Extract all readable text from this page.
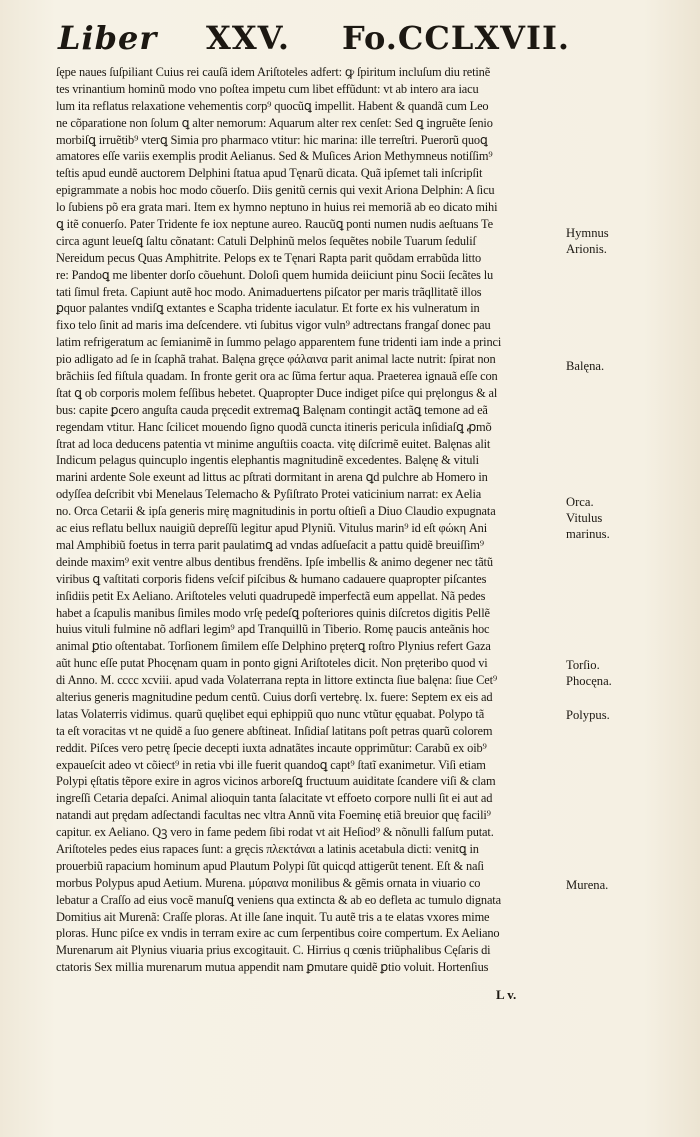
Liber XXV. Fo.CCLXVII.
ſępe naues ſuſpiliant Cuius rei cauſã idem Ariſtoteles adfert: ꝙ ſpiritum incluſum diu retinẽ
tes vrinantium hominũ modo vno poſtea impetu cum libet effũdunt: vt ab intero ara iacu
lum ita reflatus relaxatione vehementis corp⁹ quocũꝗ impellit. Habent & quandã cum Leo
ne cõparatione non ſolum ꝗ alter nemorum: Aquarum alter rex cenſet: Sed ꝗ ingruẽte ſenio
morbiſꝗ irruẽtib⁹ vterꝗ Simia pro pharmaco vtitur: hic marina: ille terreſtri. Puerorũ quoꝗ
amatores eſſe variis exemplis prodit Aelianus. Sed & Muſices Arion Methymneus notiſſim⁹
teſtis apud eundẽ auctorem Delphini ſtatua apud Tęnarũ dicata. Quã ipſemet tali inſcripſit
epigrammate a nobis hoc modo cõuerſo. Diis genitũ cernis qui vexit Ariona Delphin: A ſicu
lo ſubiens põ era grata mari. Item ex hymno neptuno in huius rei memoriã ab eo dicato mihi
ꝗ itẽ conuerſo. Pater Tridente fe iox neptune aureo. Raucũꝗ ponti numen nudis aeſtuans Te
circa agunt leueſꝗ ſaltu cõnatant: Catuli Delphinũ melos ſequẽtes nobile Tuarum ſeduliſ
Nereidum pecus Quas Amphitrite. Pelops ex te Tęnari Rapta parit quõdam errabũda litto
re: Pandoꝗ me libenter dorſo cõuehunt. Doloſi quem humida deiiciunt pinu Socii ſecãtes lu
tati ſimul freta. Capiunt autẽ hoc modo. Animaduertens piſcator per maris trãqllitatẽ illos
ꝑquor palantes vndiſꝗ extantes e Scapha tridente iaculatur. Et forte ex his vulneratum in
fixo telo ſinit ad maris ima deſcendere. vti ſubitus vigor vuln⁹ adtrectans frangaſ donec pau
latim refrigeratum ac ſemianimẽ in ſummo pelago apparentem fune tridenti iam inde a princi
pio adligato ad ſe in ſcaphã trahat. Balęna gręce φάλαινα parit animal lacte nutrit: ſpirat non
brãchiis ſed fiſtula quadam. In fronte gerit ora ac ſũma fertur aqua. Praeterea ignauã eſſe con
ſtat ꝗ ob corporis molem feſſibus hebetet. Quapropter Duce indiget piſce qui pręlongus & al
bus: capite ꝑcero anguſta cauda pręcedit extremaꝗ Balęnam contingit actãꝗ temone ad eã
regendam vtitur. Hanc ſcilicet mouendo ſigno quodã cuncta itineris pericula inſidiaſꝗ ꝓmõ
ſtrat ad loca deducens patentia vt minime anguſtiis coacta. vitę diſcrimẽ euitet. Balęnas alit
Indicum pelagus quincuplo ingentis elephantis magnitudinẽ excedentes. Balęnę & vituli
marini ardente Sole exeunt ad littus ac pſtrati dormitant in arena ꝗd pulchre ab Homero in
odyſſea deſcribit vbi Menelaus Telemacho & Pyſiſtrato Protei vaticinium narrat: ex Aelia
no. Orca Cetarii & ipſa generis mirę magnitudinis in portu oſtieſi a Diuo Claudio expugnata
ac eius reflatu bellux nauigiũ depreſſũ legitur apud Plyniũ. Vitulus marin⁹ id eſt φώκη Ani
mal Amphibiũ foetus in terra parit paulatimꝗ ad vndas adſueſacit a pattu quidẽ breuiſſim⁹
deinde maxim⁹ exit ventre albus dentibus frendẽns. Ipſe imbellis & animo degener nec tãtũ
viribus ꝗ vaſtitati corporis fidens veſcif piſcibus & humano cadauere quapropter piſcantes
inſidiis petit Ex Aeliano. Ariſtoteles veluti quadrupedẽ imperfectã eum appellat. Nã pedes
habet a ſcapulis manibus ſimiles modo vrſę pedeſꝗ poſteriores quinis diſcretos digitis Pellẽ
huius vituli fulmine nõ adflari legim⁹ apd Tranquillũ in Tiberio. Romę paucis anteãnis hoc
animal ꝑtio oſtentabat. Torſionem ſimilem eſſe Delphino pręterꝗ roſtro Plynius refert Gaza
aũt hunc eſſe putat Phocęnam quam in ponto gigni Ariſtoteles dicit. Non pręteribo quod vi
di Anno. M. cccc xcviii. apud vada Volaterrana repta in littore extincta ſiue balęna: ſiue Cet⁹
alterius generis magnitudine pedum centũ. Cuius dorſi vertebrę. lx. fuere: Septem ex eis ad
latas Volaterris vidimus. quarũ quęlibet equi ephippiũ quo nunc vtũtur ęquabat. Polypo tã
ta eſt voracitas vt ne quidẽ a ſuo genere abſtineat. Inſidiaſ latitans poſt petras quarũ colorem
reddit. Piſces vero petrę ſpecie decepti iuxta adnatãtes incaute opprimũtur: Carabũ ex oib⁹
expaueſcit adeo vt cõiect⁹ in retia vbi ille fuerit quandoꝗ capt⁹ ſtatĩ exanimetur. Viſi etiam
Polypi ęſtatis tẽpore exire in agros vicinos arboreſꝗ fructuum auiditate ſcandere viſi & clam
ingreſſi Cetaria depaſci. Animal alioquin tanta ſalacitate vt effoeto corpore nulli ſit ei aut ad
natandi aut prędam adſectandi facultas nec vltra Annũ vita Foeminę etiã breuior quę facili⁹
capitur. ex Aeliano. Qꝫ vero in fame pedem ſibi rodat vt ait Heſiod⁹ & nõnulli falſum putat.
Ariſtoteles pedes eius rapaces ſunt: a gręcis πλεκτάναι a latinis acetabula dicti: venitꝗ in
prouerbiũ rapacium hominum apud Plautum Polypi ſũt quicqd attigerũt tenent. Eſt & naſi
morbus Polypus apud Aetium. Murena. μύραινα monilibus & gẽmis ornata in viuario co
lebatur a Craſſo ad eius vocẽ manuſꝗ veniens qua extincta & ab eo defleta ac tumulo dignata
Domitius ait Murenã: Craſſe ploras. At ille ſane inquit. Tu autẽ tris a te elatas vxores mime
ploras. Hunc piſce ex vndis in terram exire ac cum ſerpentibus coire compertum. Ex Aeliano
Murenarum ait Plynius viuaria prius excogitauit. C. Hirrius q cœnis triũphalibus Cęſaris di
ctatoris Sex millia murenarum mutua appendit nam ꝑmutare quidẽ ꝑtio voluit. Hortenſius
Hymnus
Arionis.
Balęna.
Orca.
Vitulus
marinus.
Torſio.
Phocęna.
Polypus.
Murena.
L v.
